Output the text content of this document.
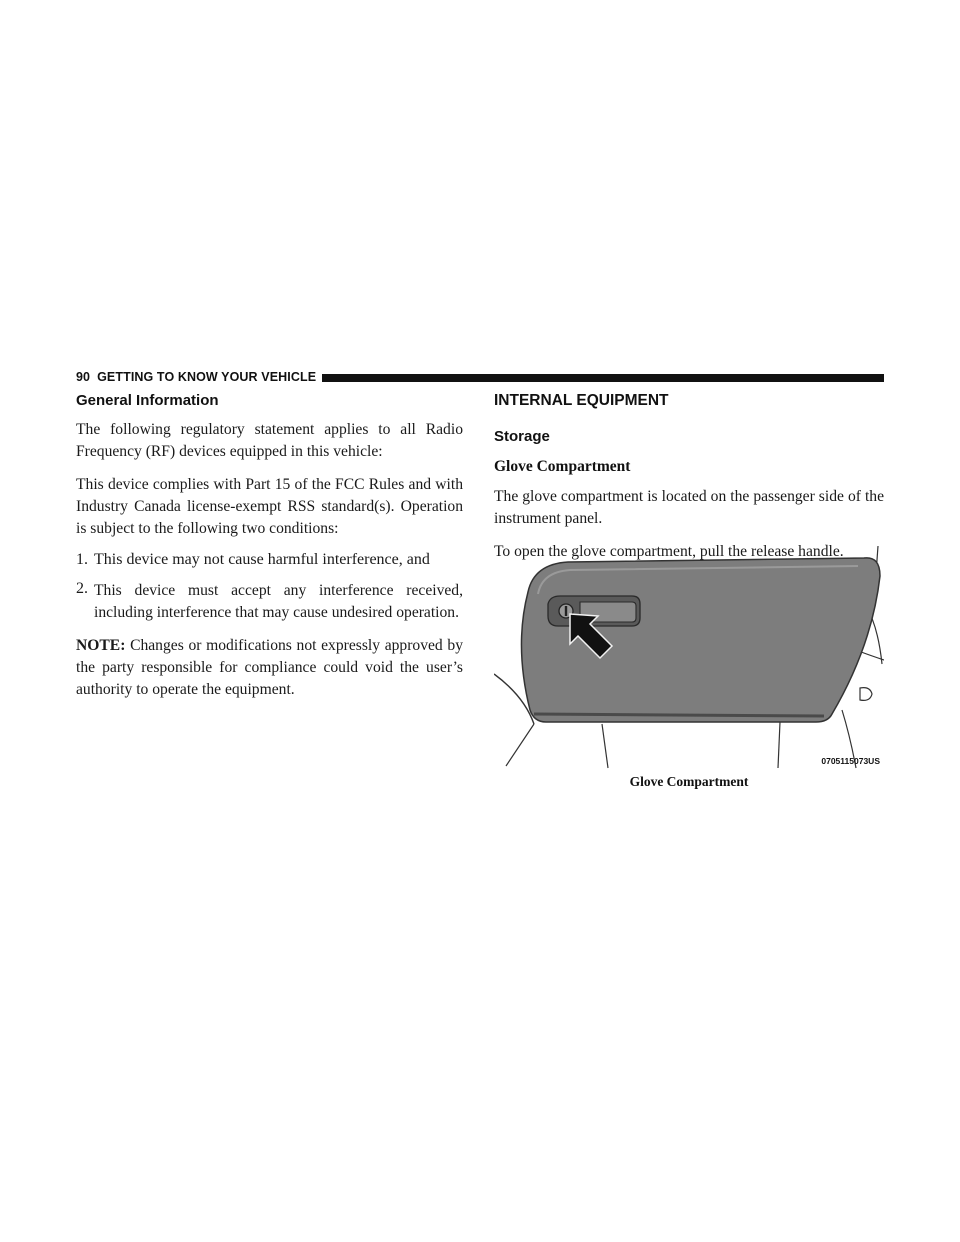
90 GETTING TO KNOW YOUR VEHICLE
General Information

The following regulatory statement applies to all Radio Frequency (RF) devices equipped in this vehicle:

This device complies with Part 15 of the FCC Rules and with Industry Canada license-exempt RSS standard(s). Operation is subject to the following two conditions:

1. This device may not cause harmful interference, and
2. This device must accept any interference received, including interference that may cause undesired operation.

NOTE: Changes or modifications not expressly approved by the party responsible for compliance could void the user’s authority to operate the equipment.

INTERNAL EQUIPMENT
Storage
Glove Compartment

The glove compartment is located on the passenger side of the instrument panel.

To open the glove compartment, pull the release handle.

0705115073US
Glove Compartment
